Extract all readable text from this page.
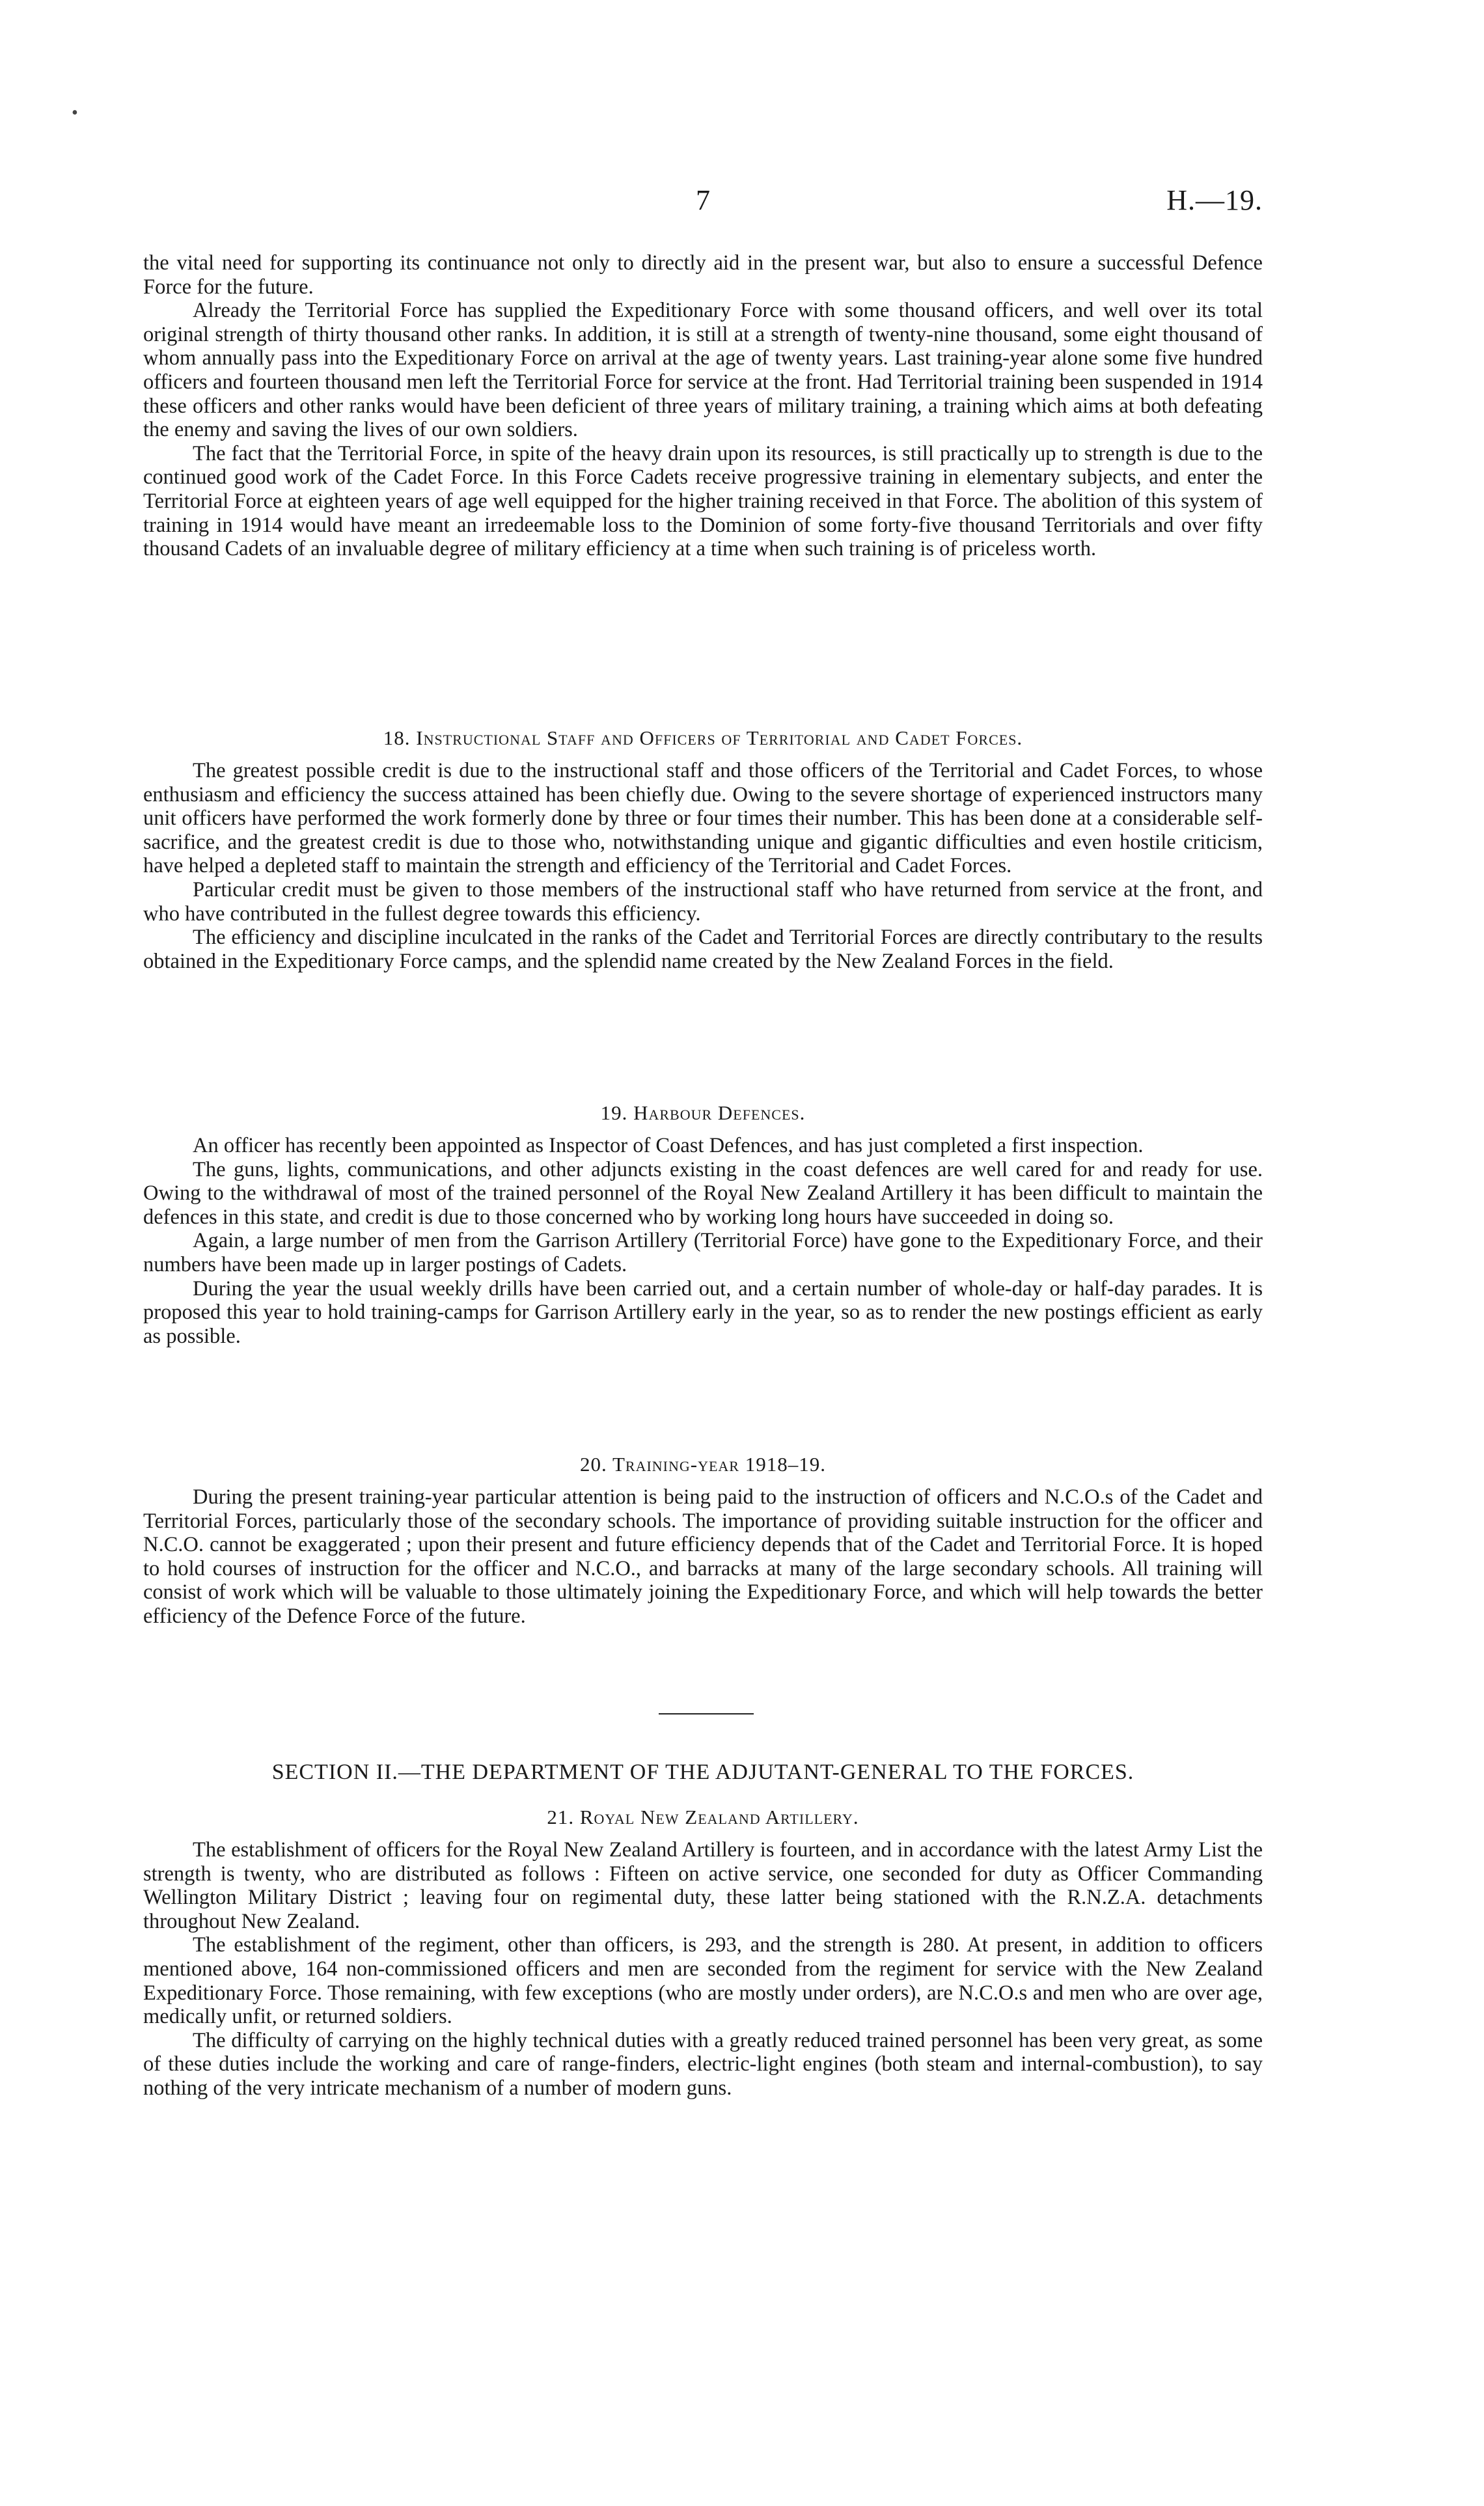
•
7	H.—19.

the vital need for supporting its continuance not only to directly aid in the present war, but also to ensure a successful Defence Force for the future.

Already the Territorial Force has supplied the Expeditionary Force with some thousand officers, and well over its total original strength of thirty thousand other ranks. In addition, it is still at a strength of twenty-nine thousand, some eight thousand of whom annually pass into the Expeditionary Force on arrival at the age of twenty years. Last training-year alone some five hundred officers and fourteen thousand men left the Territorial Force for service at the front. Had Territorial training been suspended in 1914 these officers and other ranks would have been deficient of three years of military training, a training which aims at both defeating the enemy and saving the lives of our own soldiers.

The fact that the Territorial Force, in spite of the heavy drain upon its resources, is still practically up to strength is due to the continued good work of the Cadet Force. In this Force Cadets receive progressive training in elementary subjects, and enter the Territorial Force at eighteen years of age well equipped for the higher training received in that Force. The abolition of this system of training in 1914 would have meant an irredeemable loss to the Dominion of some forty-five thousand Territorials and over fifty thousand Cadets of an invaluable degree of military efficiency at a time when such training is of priceless worth.

18. Instructional Staff and Officers of Territorial and Cadet Forces.

The greatest possible credit is due to the instructional staff and those officers of the Territorial and Cadet Forces, to whose enthusiasm and efficiency the success attained has been chiefly due. Owing to the severe shortage of experienced instructors many unit officers have performed the work formerly done by three or four times their number. This has been done at a considerable self-sacrifice, and the greatest credit is due to those who, notwithstanding unique and gigantic difficulties and even hostile criticism, have helped a depleted staff to maintain the strength and efficiency of the Territorial and Cadet Forces.

Particular credit must be given to those members of the instructional staff who have returned from service at the front, and who have contributed in the fullest degree towards this efficiency.

The efficiency and discipline inculcated in the ranks of the Cadet and Territorial Forces are directly contributary to the results obtained in the Expeditionary Force camps, and the splendid name created by the New Zealand Forces in the field.

19. Harbour Defences.

An officer has recently been appointed as Inspector of Coast Defences, and has just completed a first inspection.

The guns, lights, communications, and other adjuncts existing in the coast defences are well cared for and ready for use. Owing to the withdrawal of most of the trained personnel of the Royal New Zealand Artillery it has been difficult to maintain the defences in this state, and credit is due to those concerned who by working long hours have succeeded in doing so.

Again, a large number of men from the Garrison Artillery (Territorial Force) have gone to the Expeditionary Force, and their numbers have been made up in larger postings of Cadets.

During the year the usual weekly drills have been carried out, and a certain number of whole-day or half-day parades. It is proposed this year to hold training-camps for Garrison Artillery early in the year, so as to render the new postings efficient as early as possible.

20. Training-year 1918–19.

During the present training-year particular attention is being paid to the instruction of officers and N.C.O.s of the Cadet and Territorial Forces, particularly those of the secondary schools. The importance of providing suitable instruction for the officer and N.C.O. cannot be exaggerated ; upon their present and future efficiency depends that of the Cadet and Territorial Force. It is hoped to hold courses of instruction for the officer and N.C.O., and barracks at many of the large secondary schools. All training will consist of work which will be valuable to those ultimately joining the Expeditionary Force, and which will help towards the better efficiency of the Defence Force of the future.

SECTION II.—THE DEPARTMENT OF THE ADJUTANT-GENERAL TO THE FORCES.
21. Royal New Zealand Artillery.

The establishment of officers for the Royal New Zealand Artillery is fourteen, and in accordance with the latest Army List the strength is twenty, who are distributed as follows : Fifteen on active service, one seconded for duty as Officer Commanding Wellington Military District ; leaving four on regimental duty, these latter being stationed with the R.N.Z.A. detachments throughout New Zealand.

The establishment of the regiment, other than officers, is 293, and the strength is 280. At present, in addition to officers mentioned above, 164 non-commissioned officers and men are seconded from the regiment for service with the New Zealand Expeditionary Force. Those remaining, with few exceptions (who are mostly under orders), are N.C.O.s and men who are over age, medically unfit, or returned soldiers.

The difficulty of carrying on the highly technical duties with a greatly reduced trained personnel has been very great, as some of these duties include the working and care of range-finders, electric-light engines (both steam and internal-combustion), to say nothing of the very intricate mechanism of a number of modern guns.
